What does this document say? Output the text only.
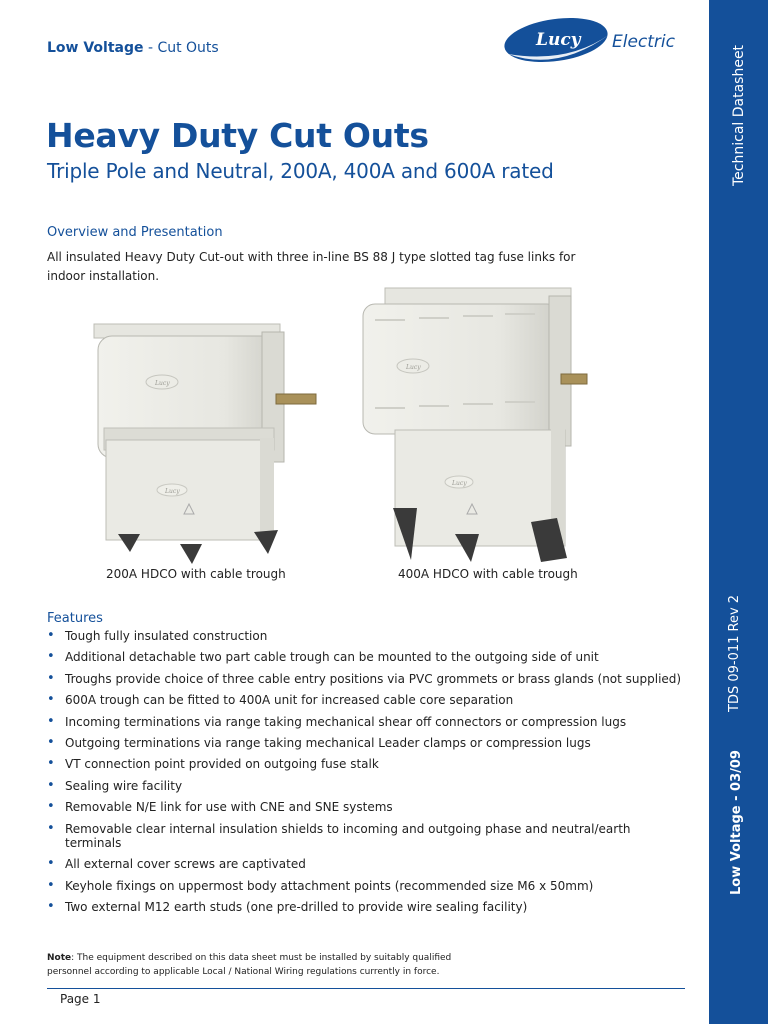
Technical Datasheet
TDS 09-011 Rev 2
Low Voltage - 03/09
Low Voltage - Cut Outs	Lucy Electric
Heavy Duty Cut Outs
Triple Pole and Neutral, 200A, 400A and 600A rated
Overview and Presentation

All insulated Heavy Duty Cut-out with three in-line BS 88 J type slotted tag fuse links for indoor installation.

Lucy
Lucy
Lucy
Lucy
200A HDCO with cable trough	400A HDCO with cable trough
Features
• Tough fully insulated construction
• Additional detachable two part cable trough can be mounted to the outgoing side of unit
• Troughs provide choice of three cable entry positions via PVC grommets or brass glands (not supplied)
• 600A trough can be fitted to 400A unit for increased cable core separation
• Incoming terminations via range taking mechanical shear off connectors or compression lugs
• Outgoing terminations via range taking mechanical Leader clamps or compression lugs
• VT connection point provided on outgoing fuse stalk
• Sealing wire facility
• Removable N/E link for use with CNE and SNE systems
• Removable clear internal insulation shields to incoming and outgoing phase and neutral/earth terminals
• All external cover screws are captivated
• Keyhole fixings on uppermost body attachment points (recommended size M6 x 50mm)
• Two external M12 earth studs (one pre-drilled to provide wire sealing facility)

Note: The equipment described on this data sheet must be installed by suitably qualified personnel according to applicable Local / National Wiring regulations currently in force.

Page 1
